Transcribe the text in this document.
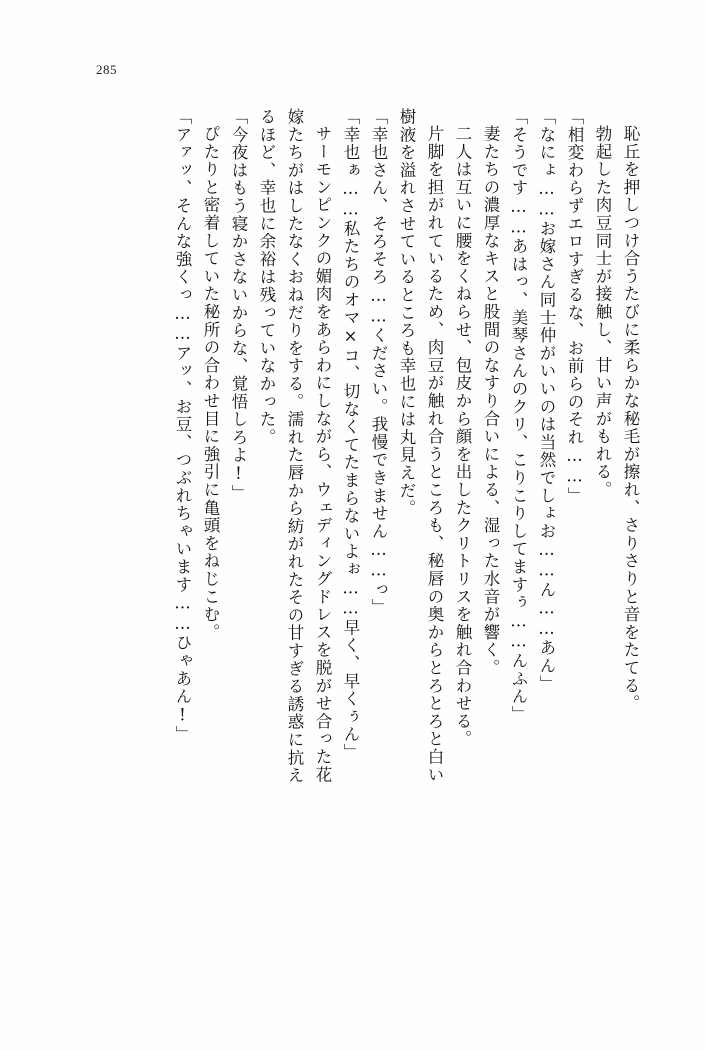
285
恥丘を押しつけ合うたびに柔らかな秘毛が擦れ、さりさりと音をたてる。
勃起した肉豆同士が接触し、甘い声がもれる。
「相変わらずエロすぎるな、お前らのそれ……」
「なにょ……お嫁さん同士仲がいいのは当然でしょお……ん……あん」
「そうです……あはっ、美琴さんのクリ、こりこりしてますぅ……んふん」
妻たちの濃厚なキスと股間のなすり合いによる、湿った水音が響く。
二人は互いに腰をくねらせ、包皮から顔を出したクリトリスを触れ合わせる。
片脚を担がれているため、肉豆が触れ合うところも、秘唇の奥からとろとろと白い
樹液を溢れさせているところも幸也には丸見えだ。
「幸也さん、そろそろ……ください。我慢できません……っ」
「幸也ぁ……私たちのオマ×コ、切なくてたまらないよぉ……早く、早くぅん」
サーモンピンクの媚肉をあらわにしながら、ウェディングドレスを脱がせ合った花
嫁たちがはしたなくおねだりをする。濡れた唇から紡がれたその甘すぎる誘惑に抗え
るほど、幸也に余裕は残っていなかった。
「今夜はもう寝かさないからな、覚悟しろよ!」
ぴたりと密着していた秘所の合わせ目に強引に亀頭をねじこむ。
「アァッ、そんな強くっ……アッ、お豆、つぶれちゃいます……ひゃあん!」
